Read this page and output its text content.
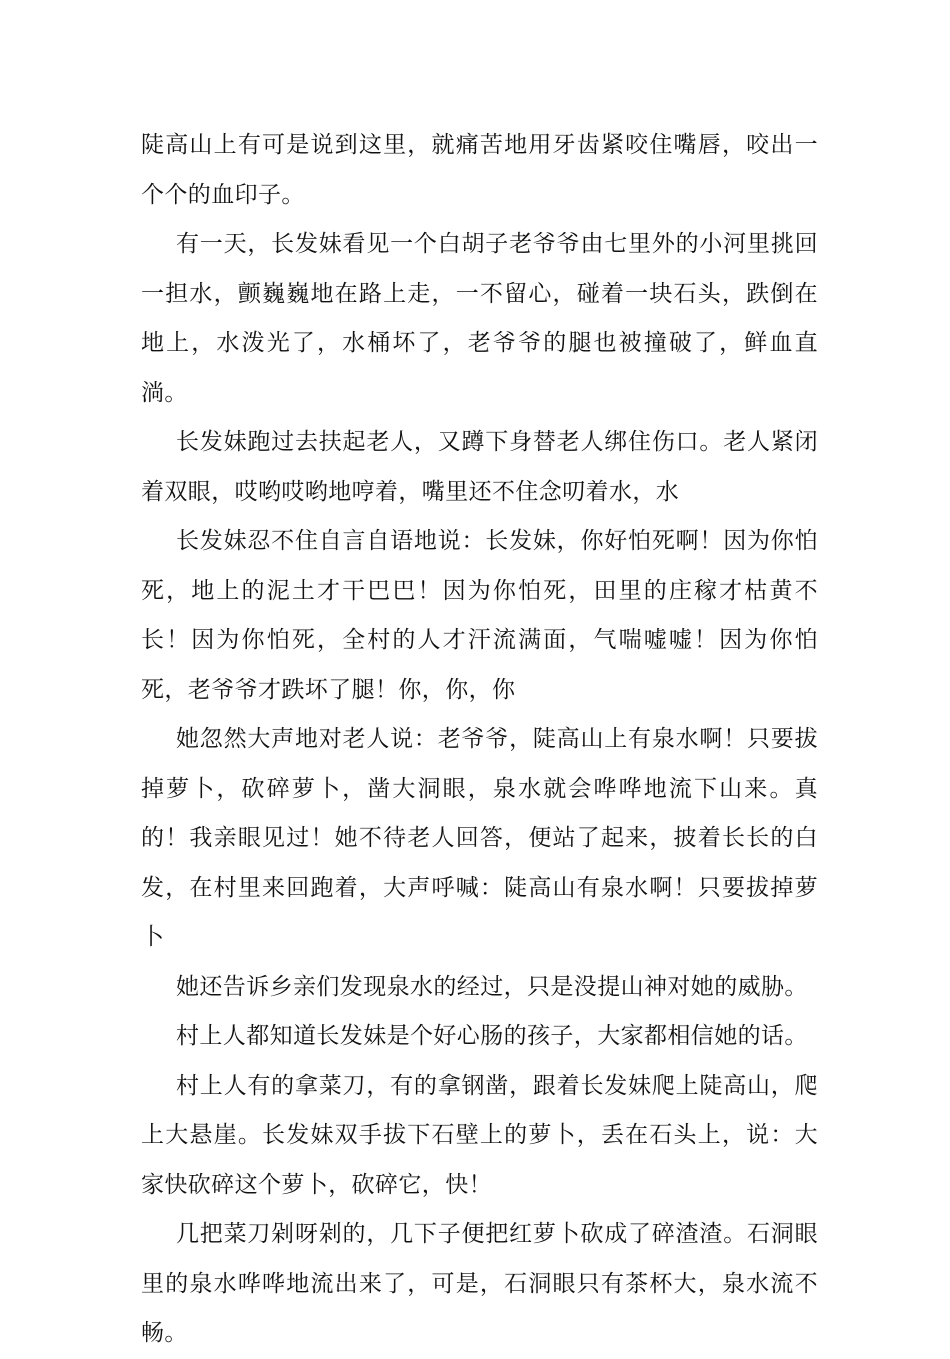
陡高山上有可是说到这里，就痛苦地用牙齿紧咬住嘴唇，咬出一个个的血印子。

有一天，长发妹看见一个白胡子老爷爷由七里外的小河里挑回一担水，颤巍巍地在路上走，一不留心，碰着一块石头，跌倒在地上，水泼光了，水桶坏了，老爷爷的腿也被撞破了，鲜血直淌。

长发妹跑过去扶起老人，又蹲下身替老人绑住伤口。老人紧闭着双眼，哎哟哎哟地哼着，嘴里还不住念叨着水，水

长发妹忍不住自言自语地说：长发妹，你好怕死啊！因为你怕死，地上的泥土才干巴巴！因为你怕死，田里的庄稼才枯黄不长！因为你怕死，全村的人才汗流满面，气喘嘘嘘！因为你怕死，老爷爷才跌坏了腿！你，你，你

她忽然大声地对老人说：老爷爷，陡高山上有泉水啊！只要拔掉萝卜，砍碎萝卜，凿大洞眼，泉水就会哗哗地流下山来。真的！我亲眼见过！她不待老人回答，便站了起来，披着长长的白发，在村里来回跑着，大声呼喊：陡高山有泉水啊！只要拔掉萝卜

她还告诉乡亲们发现泉水的经过，只是没提山神对她的威胁。

村上人都知道长发妹是个好心肠的孩子，大家都相信她的话。

村上人有的拿菜刀，有的拿钢凿，跟着长发妹爬上陡高山，爬上大悬崖。长发妹双手拔下石壁上的萝卜，丢在石头上，说：大家快砍碎这个萝卜，砍碎它，快！

几把菜刀剁呀剁的，几下子便把红萝卜砍成了碎渣渣。石洞眼里的泉水哗哗地流出来了，可是，石洞眼只有茶杯大，泉水流不畅。
